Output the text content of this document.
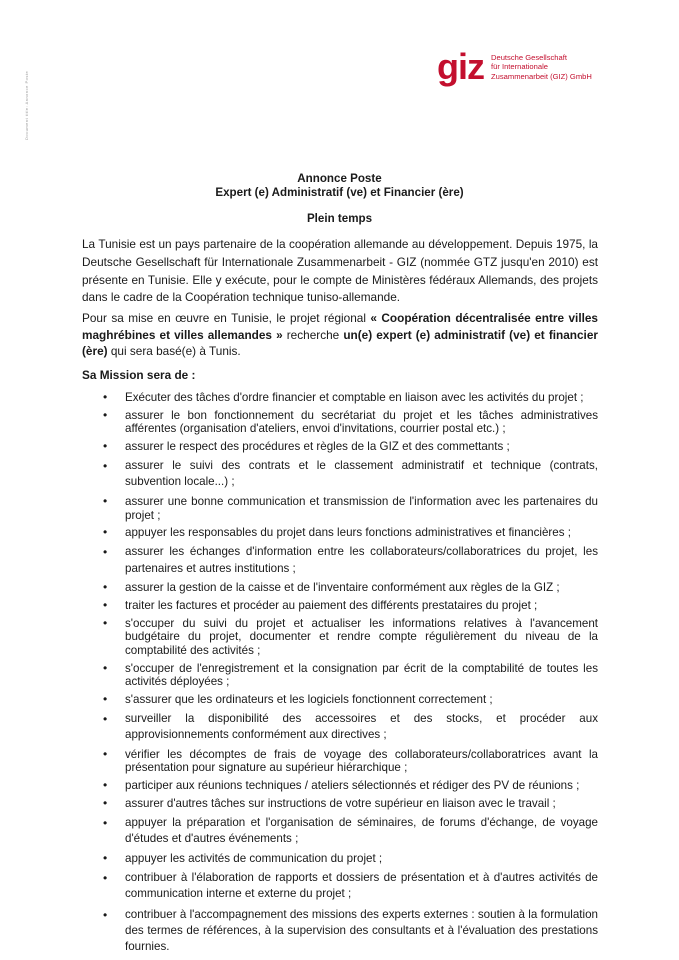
Document title: Annonce Poste
giz Deutsche Gesellschaft
für Internationale
Zusammenarbeit (GIZ) GmbH
Annonce Poste
Expert (e) Administratif (ve) et Financier (ère)
Plein temps
La Tunisie est un pays partenaire de la coopération allemande au développement. Depuis 1975, la Deutsche Gesellschaft für Internationale Zusammenarbeit - GIZ (nommée GTZ jusqu'en 2010) est présente en Tunisie. Elle y exécute, pour le compte de Ministères fédéraux Allemands, des projets dans le cadre de la Coopération technique tuniso-allemande.
Pour sa mise en œuvre en Tunisie, le projet régional « Coopération décentralisée entre villes maghrébines et villes allemandes » recherche un(e) expert (e) administratif (ve) et financier (ère) qui sera basé(e) à Tunis.
Sa Mission sera de :
• Exécuter des tâches d'ordre financier et comptable en liaison avec les activités du projet ;
• assurer le bon fonctionnement du secrétariat du projet et les tâches administratives afférentes (organisation d'ateliers, envoi d'invitations, courrier postal etc.) ;
• assurer le respect des procédures et règles de la GIZ et des commettants ;
• assurer le suivi des contrats et le classement administratif et technique (contrats, subvention locale...) ;
• assurer une bonne communication et transmission de l'information avec les partenaires du projet ;
• appuyer les responsables du projet dans leurs fonctions administratives et financières ;
• assurer les échanges d'information entre les collaborateurs/collaboratrices du projet, les partenaires et autres institutions ;
• assurer la gestion de la caisse et de l'inventaire conformément aux règles de la GIZ ;
• traiter les factures et procéder au paiement des différents prestataires du projet ;
• s'occuper du suivi du projet et actualiser les informations relatives à l'avancement budgétaire du projet, documenter et rendre compte régulièrement du niveau de la comptabilité des activités ;
• s'occuper de l'enregistrement et la consignation par écrit de la comptabilité de toutes les activités déployées ;
• s'assurer que les ordinateurs et les logiciels fonctionnent correctement ;
• surveiller la disponibilité des accessoires et des stocks, et procéder aux approvisionnements conformément aux directives ;
• vérifier les décomptes de frais de voyage des collaborateurs/collaboratrices avant la présentation pour signature au supérieur hiérarchique ;
• participer aux réunions techniques / ateliers sélectionnés et rédiger des PV de réunions ;
• assurer d'autres tâches sur instructions de votre supérieur en liaison avec le travail ;
• appuyer la préparation et l'organisation de séminaires, de forums d'échange, de voyage d'études et d'autres événements ;
• appuyer les activités de communication du projet ;
• contribuer à l'élaboration de rapports et dossiers de présentation et à d'autres activités de communication interne et externe du projet ;
• contribuer à l'accompagnement des missions des experts externes : soutien à la formulation des termes de références, à la supervision des consultants et à l'évaluation des prestations fournies.
